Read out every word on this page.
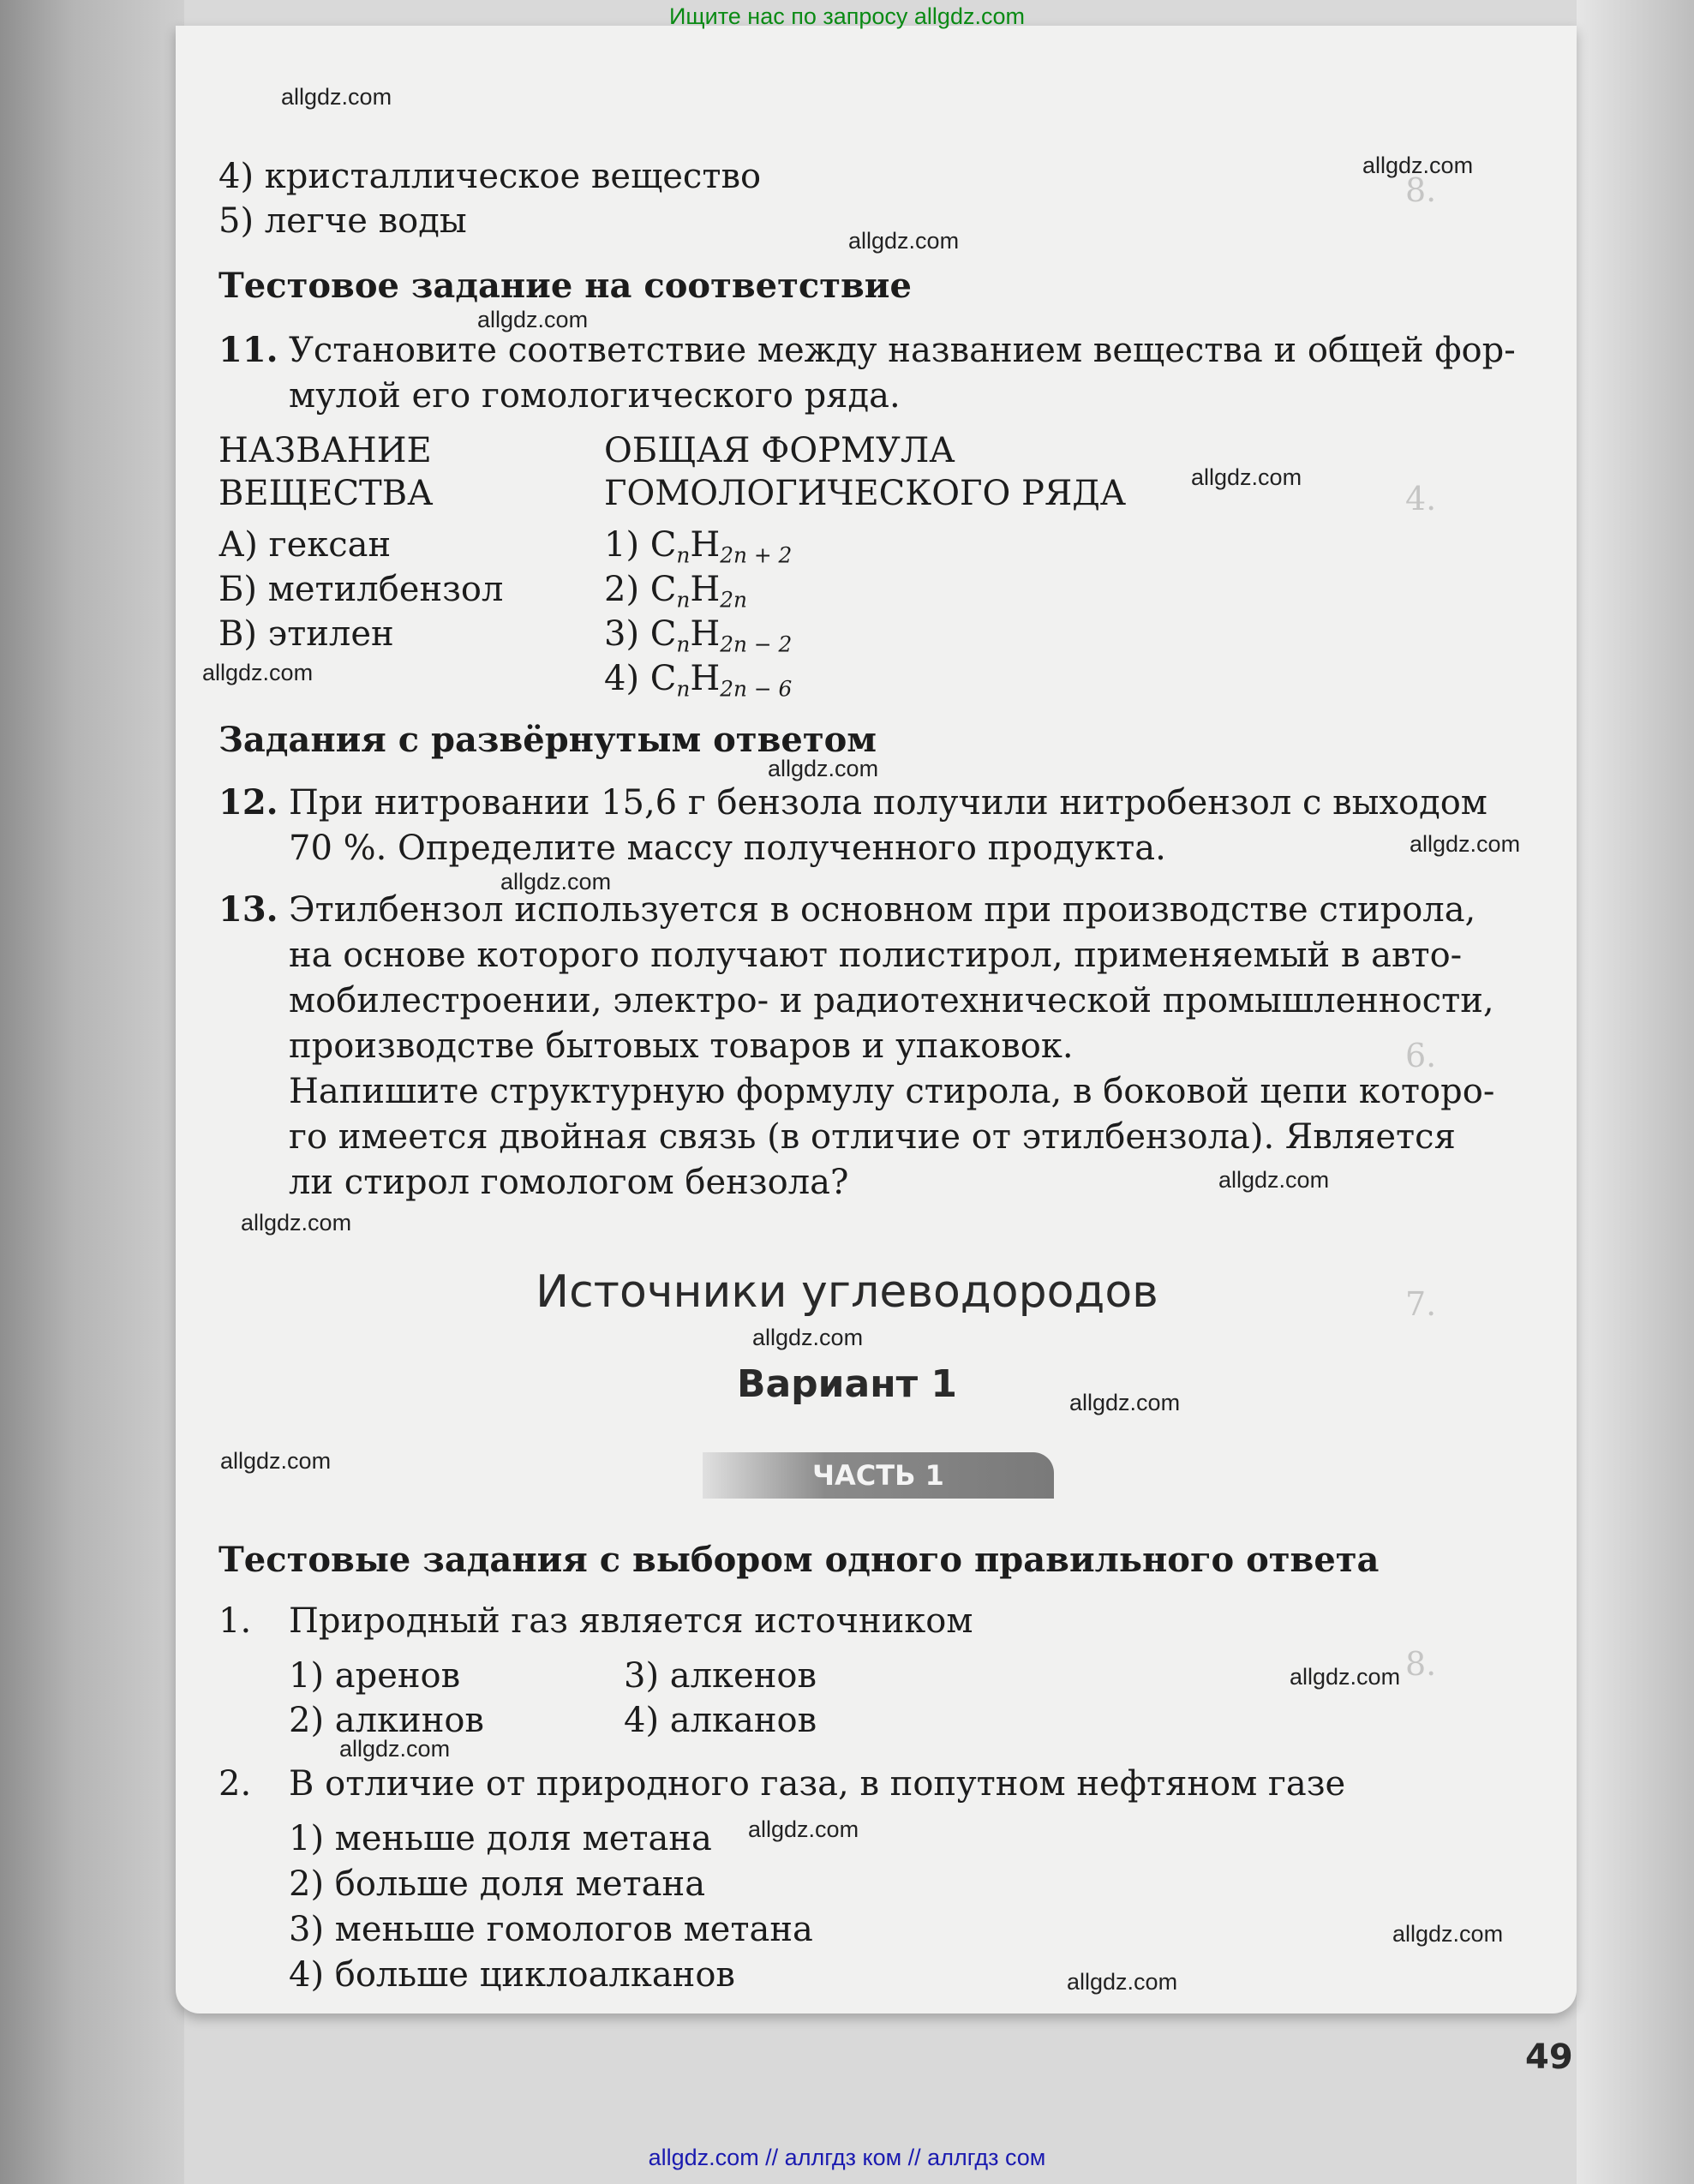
8.
4.
6.
7.
8.
Ищите нас по запросу allgdz.com
4) кристаллическое вещество
5) легче воды
Тестовое задание на соответствие
11. Установите соответствие между названием вещества и общей фор-
мулой его гомологического ряда.
НАЗВАНИЕ
ВЕЩЕСТВА
ОБЩАЯ ФОРМУЛА
ГОМОЛОГИЧЕСКОГО РЯДА
А) гексан
Б) метилбензол
В) этилен
1) $C_nH_{2n + 2}$
2) $C_nH_{2n}$
3) $C_nH_{2n - 2}$
4) $C_nH_{2n - 6}$
Задания с развёрнутым ответом
12. При нитровании 15,6 г бензола получили нитробензол с выходом
70 %. Определите массу полученного продукта.
13. Этилбензол используется в основном при производстве стирола,
на основе которого получают полистирол, применяемый в авто-
мобилестроении, электро- и радиотехнической промышленности,
производстве бытовых товаров и упаковок.
Напишите структурную формулу стирола, в боковой цепи которо-
го имеется двойная связь (в отличие от этилбензола). Является
ли стирол гомологом бензола?
Источники углеводородов
Вариант 1
ЧАСТЬ 1
Тестовые задания с выбором одного правильного ответа
1. Природный газ является источником
1) аренов	3) алкенов
2) алкинов	4) алканов
2. В отличие от природного газа, в попутном нефтяном газе
1) меньше доля метана
2) больше доля метана
3) меньше гомологов метана
4) больше циклоалканов
49
allgdz.com
allgdz.com
allgdz.com
allgdz.com
allgdz.com
allgdz.com
allgdz.com
allgdz.com
allgdz.com
allgdz.com
allgdz.com
allgdz.com
allgdz.com
allgdz.com
allgdz.com
allgdz.com
allgdz.com
allgdz.com
allgdz.com
allgdz.com // аллгдз ком // аллгдз сом
